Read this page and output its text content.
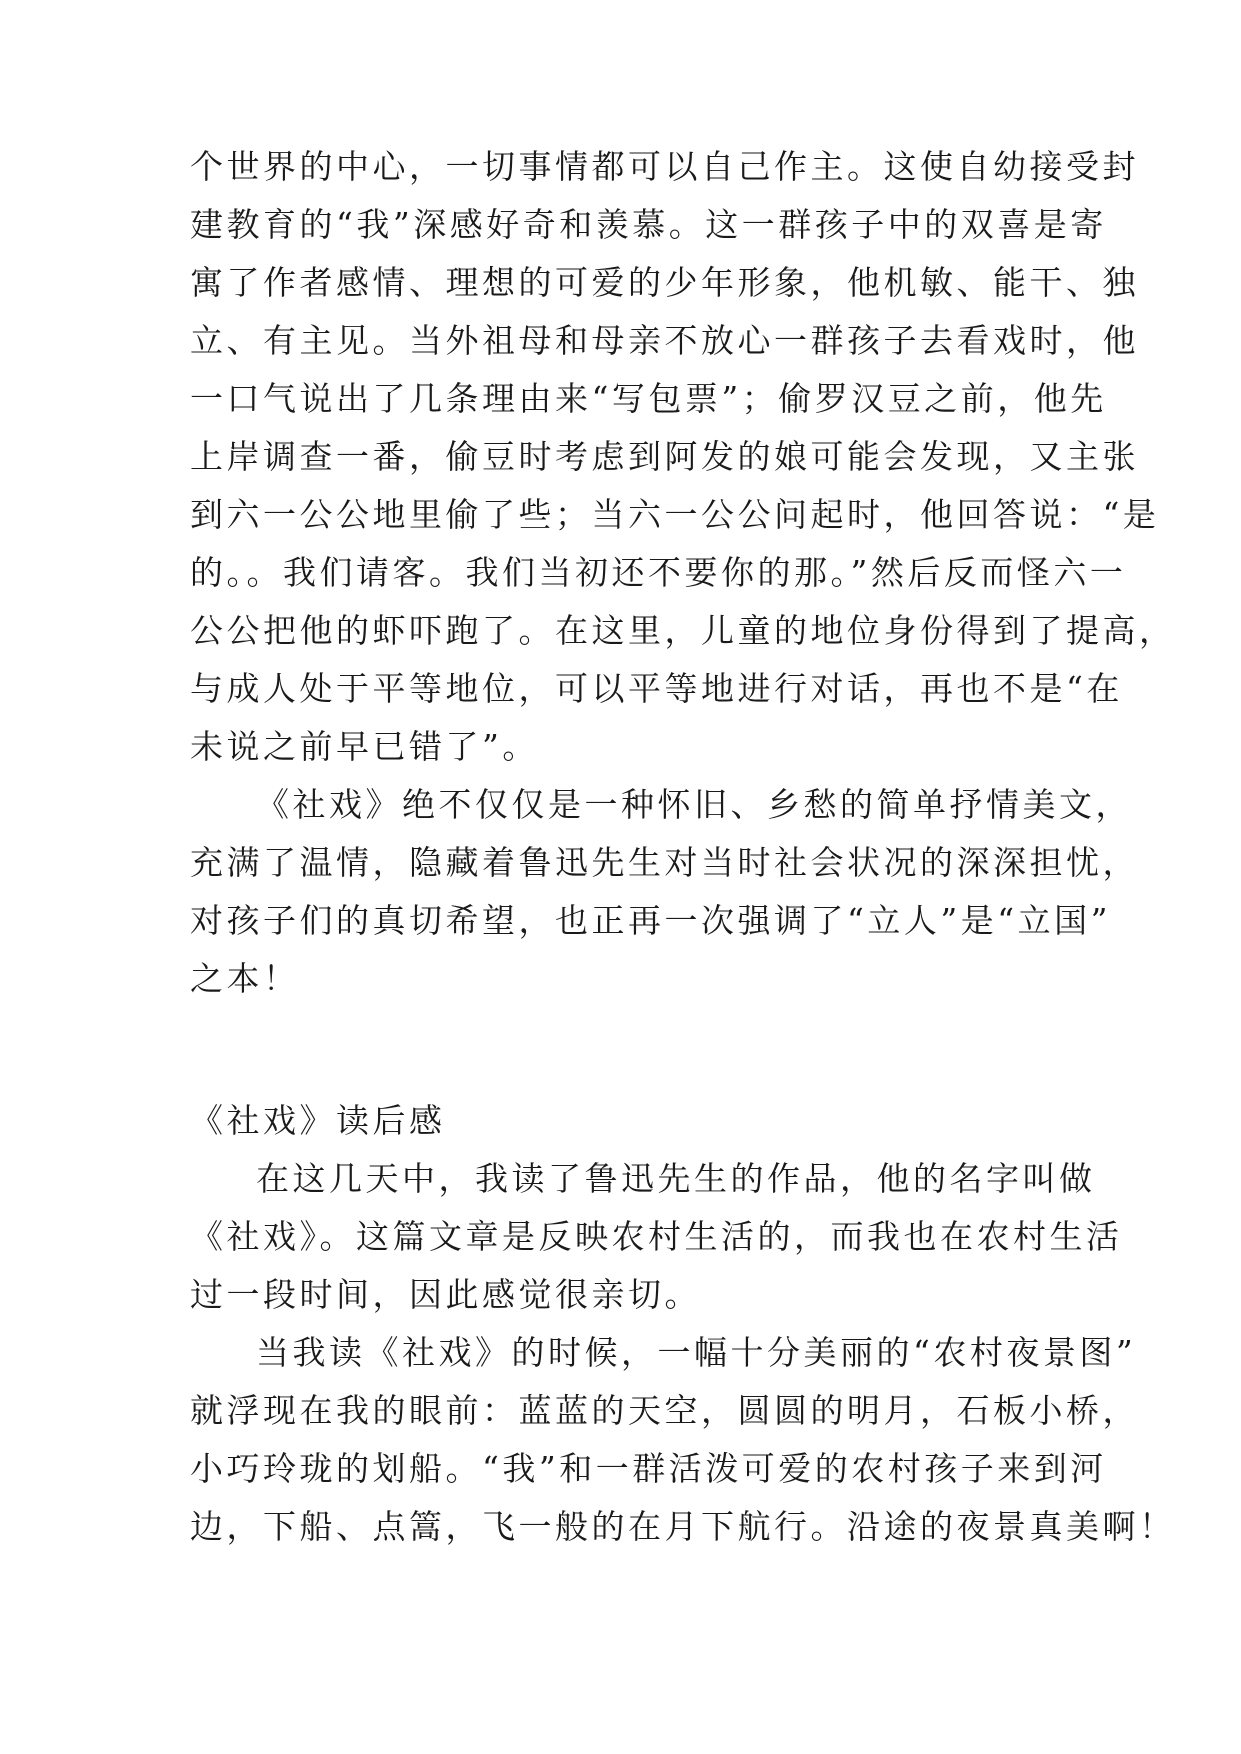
个世界的中心，一切事情都可以自己作主。这使自幼接受封
建教育的“我”深感好奇和羡慕。这一群孩子中的双喜是寄
寓了作者感情、理想的可爱的少年形象，他机敏、能干、独
立、有主见。当外祖母和母亲不放心一群孩子去看戏时，他
一口气说出了几条理由来“写包票”；偷罗汉豆之前，他先
上岸调查一番，偷豆时考虑到阿发的娘可能会发现，又主张
到六一公公地里偷了些；当六一公公问起时，他回答说：“是
的。。我们请客。我们当初还不要你的那。”然后反而怪六一
公公把他的虾吓跑了。在这里，儿童的地位身份得到了提高，
与成人处于平等地位，可以平等地进行对话，再也不是“在
未说之前早已错了”。
《社戏》绝不仅仅是一种怀旧、乡愁的简单抒情美文，
充满了温情，隐藏着鲁迅先生对当时社会状况的深深担忧，
对孩子们的真切希望，也正再一次强调了“立人”是“立国”
之本！
《社戏》读后感
在这几天中，我读了鲁迅先生的作品，他的名字叫做
《社戏》。这篇文章是反映农村生活的，而我也在农村生活
过一段时间，因此感觉很亲切。
当我读《社戏》的时候，一幅十分美丽的“农村夜景图”
就浮现在我的眼前：蓝蓝的天空，圆圆的明月，石板小桥，
小巧玲珑的划船。“我”和一群活泼可爱的农村孩子来到河
边，下船、点篙，飞一般的在月下航行。沿途的夜景真美啊！
